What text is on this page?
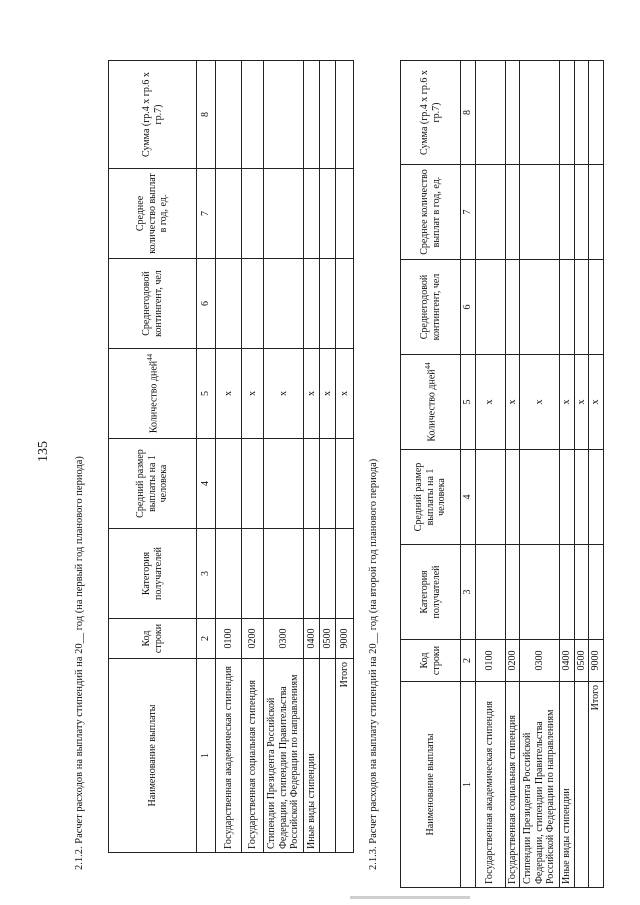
135
2.1.2. Расчет расходов на выплату стипендий на 20__ год (на первый год планового периода)	Наименование выплаты	Код строки	Категория получателей	Средний размер выплаты на 1 человека	Количество дней$^{44}$	Среднегодовой контингент, чел	Среднее количество выплат в год, ед.	Сумма (гр.4 x гр.6 x гр.7)
1	2	3	4	5	6	7	8
Государственная академическая стипендия	0100			x			
Государственная социальная стипендия	0200			x			
Стипендии Президента Российской Федерации, стипендии Правительства Российской Федерации по направлениям	0300			x			
Иные виды стипендии	0400			x			
	0500			x			
Итого	9000			x			
2.1.3. Расчет расходов на выплату стипендий на 20__ год (на второй год планового периода)	Наименование выплаты	Код строки	Категория получателей	Средний размер выплаты на 1 человека	Количество дней$^{44}$	Среднегодовой контингент, чел	Среднее количество выплат в год, ед.	Сумма (гр.4 x гр.6 x гр.7)
1	2	3	4	5	6	7	8
Государственная академическая стипендия	0100			x			
Государственная социальная стипендия	0200			x			
Стипендии Президента Российской Федерации, стипендии Правительства Российской Федерации по направлениям	0300			x			
Иные виды стипендии	0400			x			
	0500			x			
Итого	9000			x			
